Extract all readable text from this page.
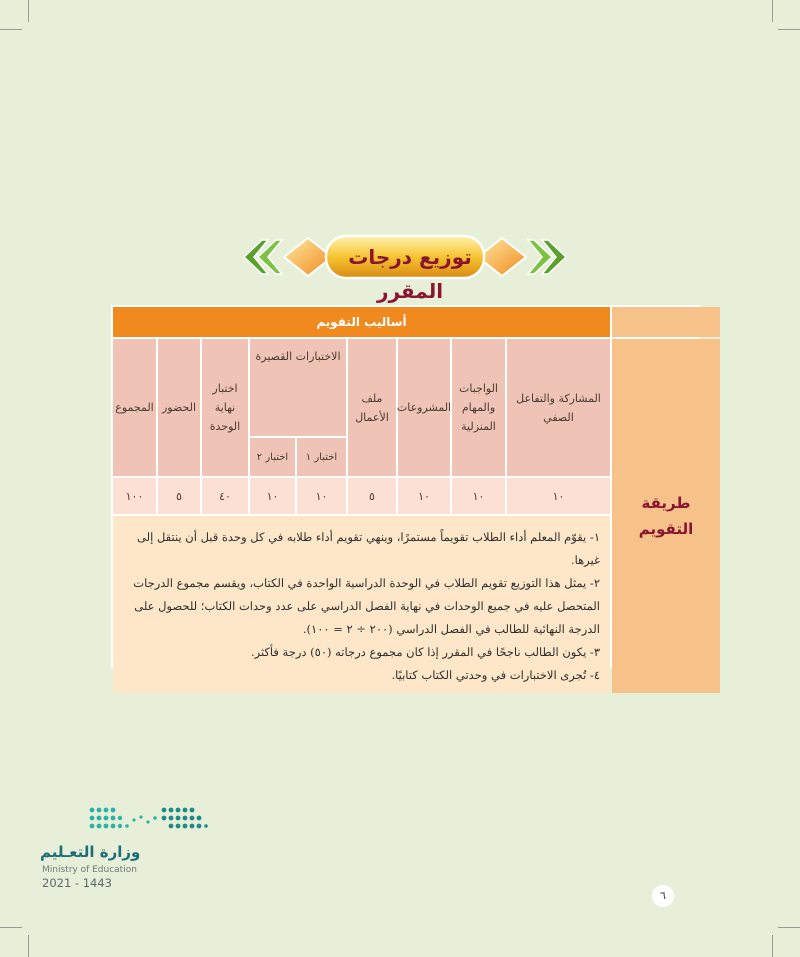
توزيع درجات المقرر
طريقة
التقويم
أساليب التقويم
المشاركة والتفاعل الصفي
الواجبات والمهام المنزلية
المشروعات
ملف الأعمال
الاختبارات القصيرة
اختبار ١
اختبار ٢
اختبار نهاية الوحدة
الحضور
المجموع
١٠
١٠
١٠
٥
١٠
١٠
٤٠
٥
١٠٠

١- يقوّم المعلم أداء الطلاب تقويماً مستمرًا، وينهي تقويم أداء طلابه في كل وحدة قبل أن ينتقل إلى غيرها.

٢- يمثل هذا التوزيع تقويم الطلاب في الوحدة الدراسية الواحدة في الكتاب، ويقسم مجموع الدرجات المتحصل عليه في جميع الوحدات في نهاية الفصل الدراسي على عدد وحدات الكتاب؛ للحصول على الدرجة النهائية للطالب في الفصل الدراسي (٢٠٠ ÷ ٢ = ١٠٠).

٣- يكون الطالب ناجحًا في المقرر إذا كان مجموع درجاته (٥٠) درجة فأكثر.

٤- تُجرى الاختبارات في وحدتي الكتاب كتابيًا.

وزارة التعـليم
Ministry of Education
2021 - 1443
٦
